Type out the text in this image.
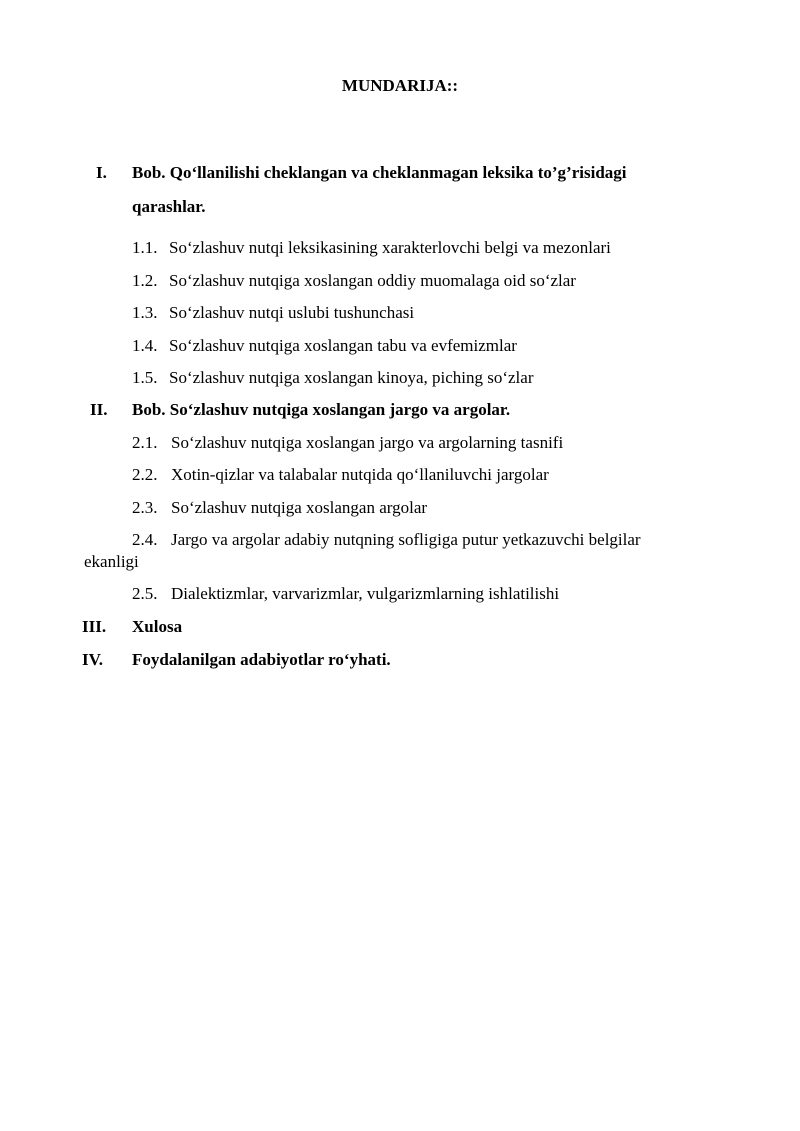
MUNDARIJA::
I. Bob. Qo‘llanilishi cheklangan va cheklanmagan leksika to’g’risidagi
qarashlar.
1.1. So‘zlashuv nutqi leksikasining xarakterlovchi belgi va mezonlari
1.2. So‘zlashuv nutqiga xoslangan oddiy muomalaga oid so‘zlar
1.3. So‘zlashuv nutqi uslubi tushunchasi
1.4. So‘zlashuv nutqiga xoslangan tabu va evfemizmlar
1.5. So‘zlashuv nutqiga xoslangan kinoya, piching so‘zlar
II. Bob. So‘zlashuv nutqiga xoslangan jargo va argolar.
2.1. So‘zlashuv nutqiga xoslangan jargo va argolarning tasnifi
2.2. Xotin-qizlar va talabalar nutqida qo‘llaniluvchi jargolar
2.3. So‘zlashuv nutqiga xoslangan argolar
2.4. Jargo va argolar adabiy nutqning sofligiga putur yetkazuvchi belgilar
ekanligi
2.5. Dialektizmlar, varvarizmlar, vulgarizmlarning ishlatilishi
III. Xulosa
IV. Foydalanilgan adabiyotlar ro‘yhati.
